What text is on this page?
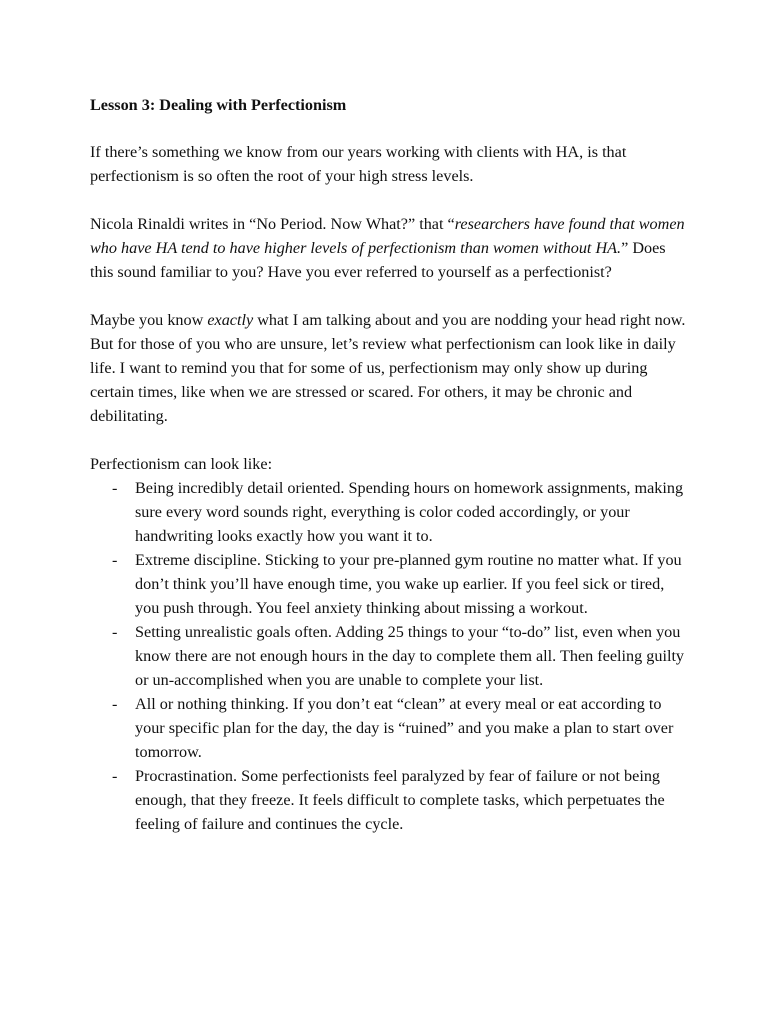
Lesson 3: Dealing with Perfectionism

If there’s something we know from our years working with clients with HA, is that perfectionism is so often the root of your high stress levels.

Nicola Rinaldi writes in “No Period. Now What?” that “researchers have found that women who have HA tend to have higher levels of perfectionism than women without HA.” Does this sound familiar to you? Have you ever referred to yourself as a perfectionist?

Maybe you know exactly what I am talking about and you are nodding your head right now. But for those of you who are unsure, let’s review what perfectionism can look like in daily life. I want to remind you that for some of us, perfectionism may only show up during certain times, like when we are stressed or scared. For others, it may be chronic and debilitating.

Perfectionism can look like:
- Being incredibly detail oriented. Spending hours on homework assignments, making sure every word sounds right, everything is color coded accordingly, or your handwriting looks exactly how you want it to.
- Extreme discipline. Sticking to your pre-planned gym routine no matter what. If you don’t think you’ll have enough time, you wake up earlier. If you feel sick or tired, you push through. You feel anxiety thinking about missing a workout.
- Setting unrealistic goals often. Adding 25 things to your “to-do” list, even when you know there are not enough hours in the day to complete them all. Then feeling guilty or un-accomplished when you are unable to complete your list.
- All or nothing thinking. If you don’t eat “clean” at every meal or eat according to your specific plan for the day, the day is “ruined” and you make a plan to start over tomorrow.
- Procrastination. Some perfectionists feel paralyzed by fear of failure or not being enough, that they freeze. It feels difficult to complete tasks, which perpetuates the feeling of failure and continues the cycle.
